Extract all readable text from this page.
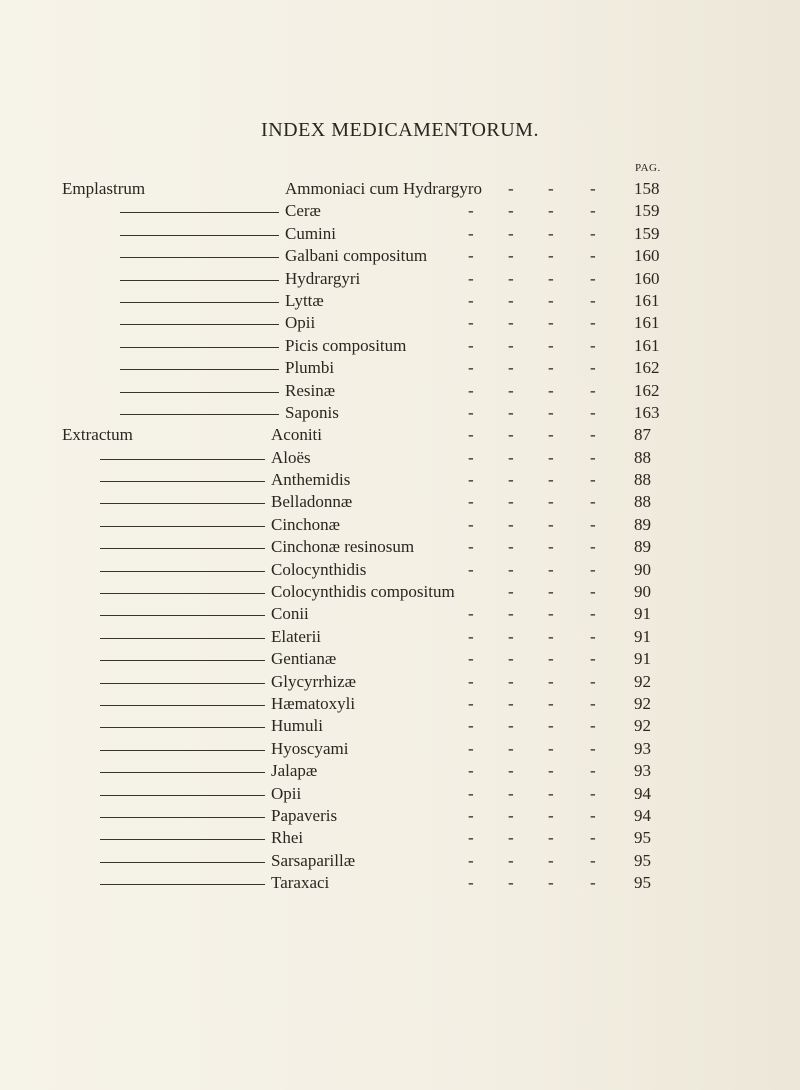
INDEX MEDICAMENTORUM.
PAG.
Emplastrum	Ammoniaci cum Hydrargyro - - - 158
Ceræ	- - - - 159
Cumini	- - - - 159
Galbani compositum - - - - 160
Hydrargyri	- - - - 160
Lyttæ	- - - - 161
Opii	- - - - 161
Picis compositum	- - - - 161
Plumbi	- - - - 162
Resinæ	- - - - 162
Saponis	- - - - 163
Extractum	Aconiti	- - - - 87
Aloës	- - - - 88
Anthemidis	- - - - 88
Belladonnæ	- - - - 88
Cinchonæ	- - - - 89
Cinchonæ resinosum	- - - - 89
Colocynthidis	- - - - 90
Colocynthidis compositum	- - - 90
Conii	- - - - 91
Elaterii	- - - - 91
Gentianæ	- - - - 91
Glycyrrhizæ	- - - - 92
Hæmatoxyli	- - - - 92
Humuli	- - - - 92
Hyoscyami	- - - - 93
Jalapæ	- - - - 93
Opii	- - - - 94
Papaveris	- - - - 94
Rhei	- - - - 95
Sarsaparillæ	- - - - 95
Taraxaci	- - - - 95
